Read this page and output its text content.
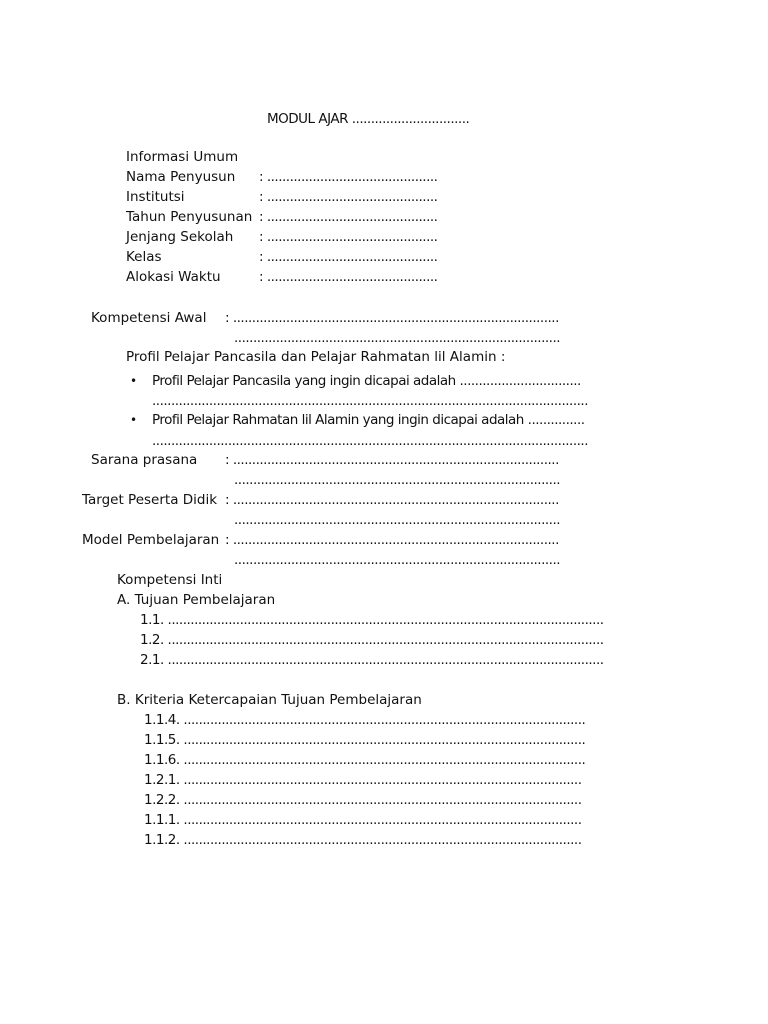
MODUL AJAR ...............................
Informasi Umum
Nama Penyusun : .............................................
Institutsi	: .............................................
Tahun Penyusunan : .............................................
Jenjang Sekolah : .............................................
Kelas	: .............................................
Alokasi Waktu	: .............................................
Kompetensi Awal : ......................................................................................
......................................................................................
Profil Pelajar Pancasila dan Pelajar Rahmatan lil Alamin :
• Profil Pelajar Pancasila yang ingin dicapai adalah ................................
...................................................................................................................
• Profil Pelajar Rahmatan lil Alamin yang ingin dicapai adalah ...............
...................................................................................................................
Sarana prasana : ......................................................................................
......................................................................................
Target Peserta Didik : ......................................................................................
......................................................................................
Model Pembelajaran : ......................................................................................
......................................................................................
Kompetensi Inti
A. Tujuan Pembelajaran
1.1. ...................................................................................................................
1.2. ...................................................................................................................
2.1. ...................................................................................................................
B. Kriteria Ketercapaian Tujuan Pembelajaran
1.1.4. ..........................................................................................................
1.1.5. ..........................................................................................................
1.1.6. ..........................................................................................................
1.2.1. .........................................................................................................
1.2.2. .........................................................................................................
1.1.1. .........................................................................................................
1.1.2. .........................................................................................................
